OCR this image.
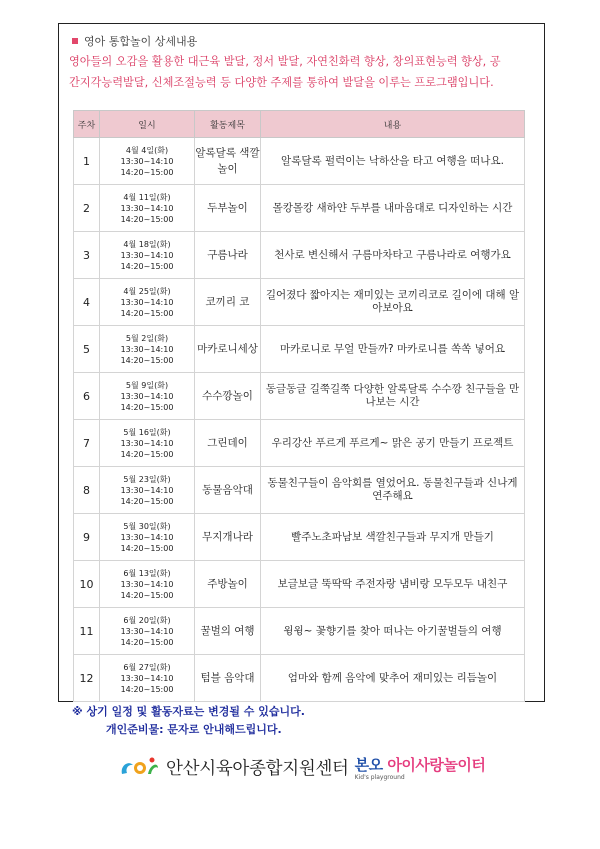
영아 통합놀이 상세내용
영아들의 오감을 활용한 대근육 발달, 정서 발달, 자연친화력 향상, 창의표현능력 향상, 공
간지각능력발달, 신체조절능력 등 다양한 주제를 통하여 발달을 이루는 프로그램입니다.
주차	일시	활동제목	내용
1	4월 4일(화)
13:30~14:10
14:20~15:00	알록달록 색깔놀이	알록달록 펄럭이는 낙하산을 타고 여행을 떠나요.
2	4월 11일(화)
13:30~14:10
14:20~15:00	두부놀이	몰캉몰캉 새하얀 두부를 내마음대로 디자인하는 시간
3	4월 18일(화)
13:30~14:10
14:20~15:00	구름나라	천사로 변신해서 구름마차타고 구름나라로 여행가요
4	4월 25일(화)
13:30~14:10
14:20~15:00	코끼리 코	길어졌다 짧아지는 재미있는 코끼리코로 길이에 대해 알아보아요
5	5월 2일(화)
13:30~14:10
14:20~15:00	마카로니세상	마카로니로 무얼 만들까? 마카로니를 쏙쏙 넣어요
6	5월 9일(화)
13:30~14:10
14:20~15:00	수수깡놀이	동글동글 길쭉길쭉 다양한 알록달록 수수깡 친구들을 만나보는 시간
7	5월 16일(화)
13:30~14:10
14:20~15:00	그린데이	우리강산 푸르게 푸르게~ 맑은 공기 만들기 프로젝트
8	5월 23일(화)
13:30~14:10
14:20~15:00	동물음악대	동물친구들이 음악회를 열었어요. 동물친구들과 신나게 연주해요
9	5월 30일(화)
13:30~14:10
14:20~15:00	무지개나라	빨주노초파남보 색깔친구들과 무지개 만들기
10	6월 13일(화)
13:30~14:10
14:20~15:00	주방놀이	보글보글 뚝딱딱 주전자랑 냄비랑 모두모두 내친구
11	6월 20일(화)
13:30~14:10
14:20~15:00	꿀벌의 여행	윙윙~ 꽃향기를 찾아 떠나는 아기꿀벌들의 여행
12	6월 27일(화)
13:30~14:10
14:20~15:00	텀블 음악대	엄마와 함께 음악에 맞추어 재미있는 리듬놀이
※ 상기 일정 및 활동자료는 변경될 수 있습니다.
개인준비물: 문자로 안내해드립니다.
안산시육아종합지원센터 본오 아이사랑놀이터
Kid's playground
